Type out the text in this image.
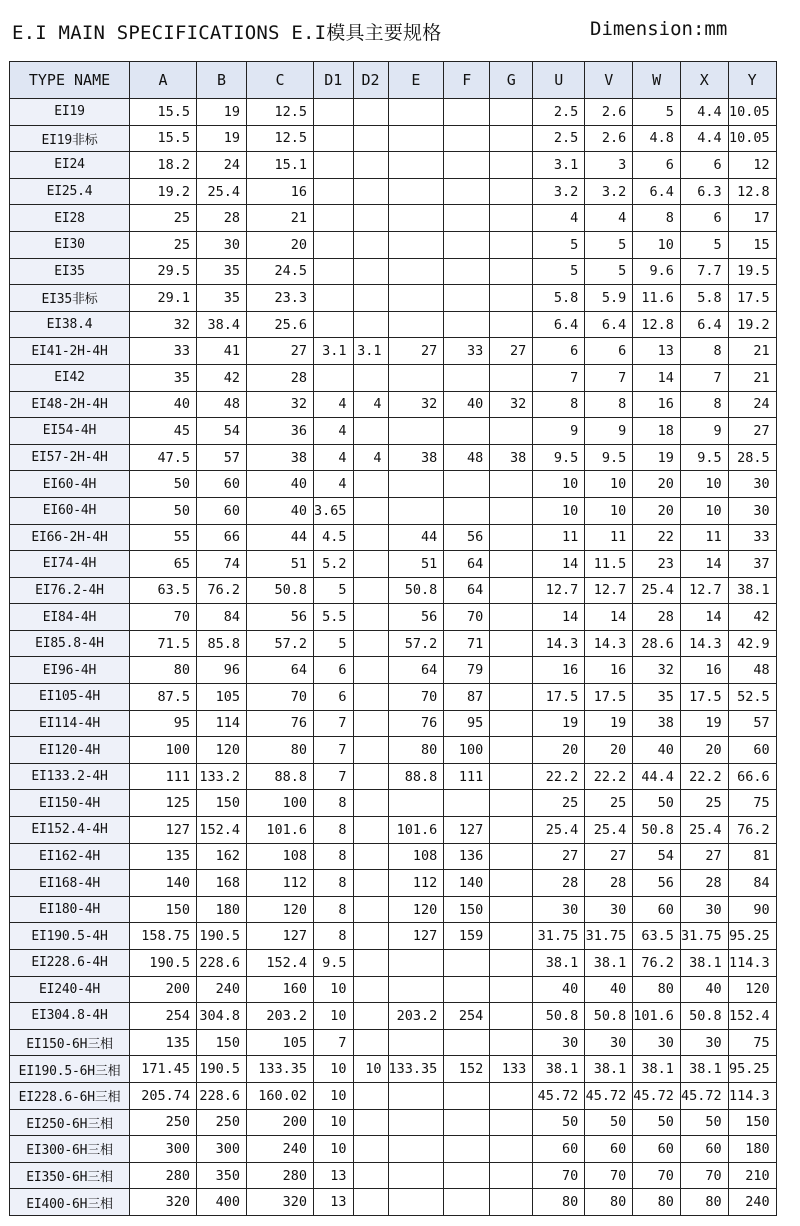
E.I MAIN SPECIFICATIONS E.I模具主要规格	Dimension:mm
TYPE NAME	A	B	C	D1	D2	E	F	G	U	V	W	X	Y
EI19	15.5	19	12.5						2.5	2.6	5	4.4	10.05
EI19非标	15.5	19	12.5						2.5	2.6	4.8	4.4	10.05
EI24	18.2	24	15.1						3.1	3	6	6	12
EI25.4	19.2	25.4	16						3.2	3.2	6.4	6.3	12.8
EI28	25	28	21						4	4	8	6	17
EI30	25	30	20						5	5	10	5	15
EI35	29.5	35	24.5						5	5	9.6	7.7	19.5
EI35非标	29.1	35	23.3						5.8	5.9	11.6	5.8	17.5
EI38.4	32	38.4	25.6						6.4	6.4	12.8	6.4	19.2
EI41-2H-4H	33	41	27	3.1	3.1	27	33	27	6	6	13	8	21
EI42	35	42	28						7	7	14	7	21
EI48-2H-4H	40	48	32	4	4	32	40	32	8	8	16	8	24
EI54-4H	45	54	36	4					9	9	18	9	27
EI57-2H-4H	47.5	57	38	4	4	38	48	38	9.5	9.5	19	9.5	28.5
EI60-4H	50	60	40	4					10	10	20	10	30
EI60-4H	50	60	40	3.65					10	10	20	10	30
EI66-2H-4H	55	66	44	4.5		44	56		11	11	22	11	33
EI74-4H	65	74	51	5.2		51	64		14	11.5	23	14	37
EI76.2-4H	63.5	76.2	50.8	5		50.8	64		12.7	12.7	25.4	12.7	38.1
EI84-4H	70	84	56	5.5		56	70		14	14	28	14	42
EI85.8-4H	71.5	85.8	57.2	5		57.2	71		14.3	14.3	28.6	14.3	42.9
EI96-4H	80	96	64	6		64	79		16	16	32	16	48
EI105-4H	87.5	105	70	6		70	87		17.5	17.5	35	17.5	52.5
EI114-4H	95	114	76	7		76	95		19	19	38	19	57
EI120-4H	100	120	80	7		80	100		20	20	40	20	60
EI133.2-4H	111	133.2	88.8	7		88.8	111		22.2	22.2	44.4	22.2	66.6
EI150-4H	125	150	100	8					25	25	50	25	75
EI152.4-4H	127	152.4	101.6	8		101.6	127		25.4	25.4	50.8	25.4	76.2
EI162-4H	135	162	108	8		108	136		27	27	54	27	81
EI168-4H	140	168	112	8		112	140		28	28	56	28	84
EI180-4H	150	180	120	8		120	150		30	30	60	30	90
EI190.5-4H	158.75	190.5	127	8		127	159		31.75	31.75	63.5	31.75	95.25
EI228.6-4H	190.5	228.6	152.4	9.5					38.1	38.1	76.2	38.1	114.3
EI240-4H	200	240	160	10					40	40	80	40	120
EI304.8-4H	254	304.8	203.2	10		203.2	254		50.8	50.8	101.6	50.8	152.4
EI150-6H三相	135	150	105	7					30	30	30	30	75
EI190.5-6H三相	171.45	190.5	133.35	10	10	133.35	152	133	38.1	38.1	38.1	38.1	95.25
EI228.6-6H三相	205.74	228.6	160.02	10					45.72	45.72	45.72	45.72	114.3
EI250-6H三相	250	250	200	10					50	50	50	50	150
EI300-6H三相	300	300	240	10					60	60	60	60	180
EI350-6H三相	280	350	280	13					70	70	70	70	210
EI400-6H三相	320	400	320	13					80	80	80	80	240
